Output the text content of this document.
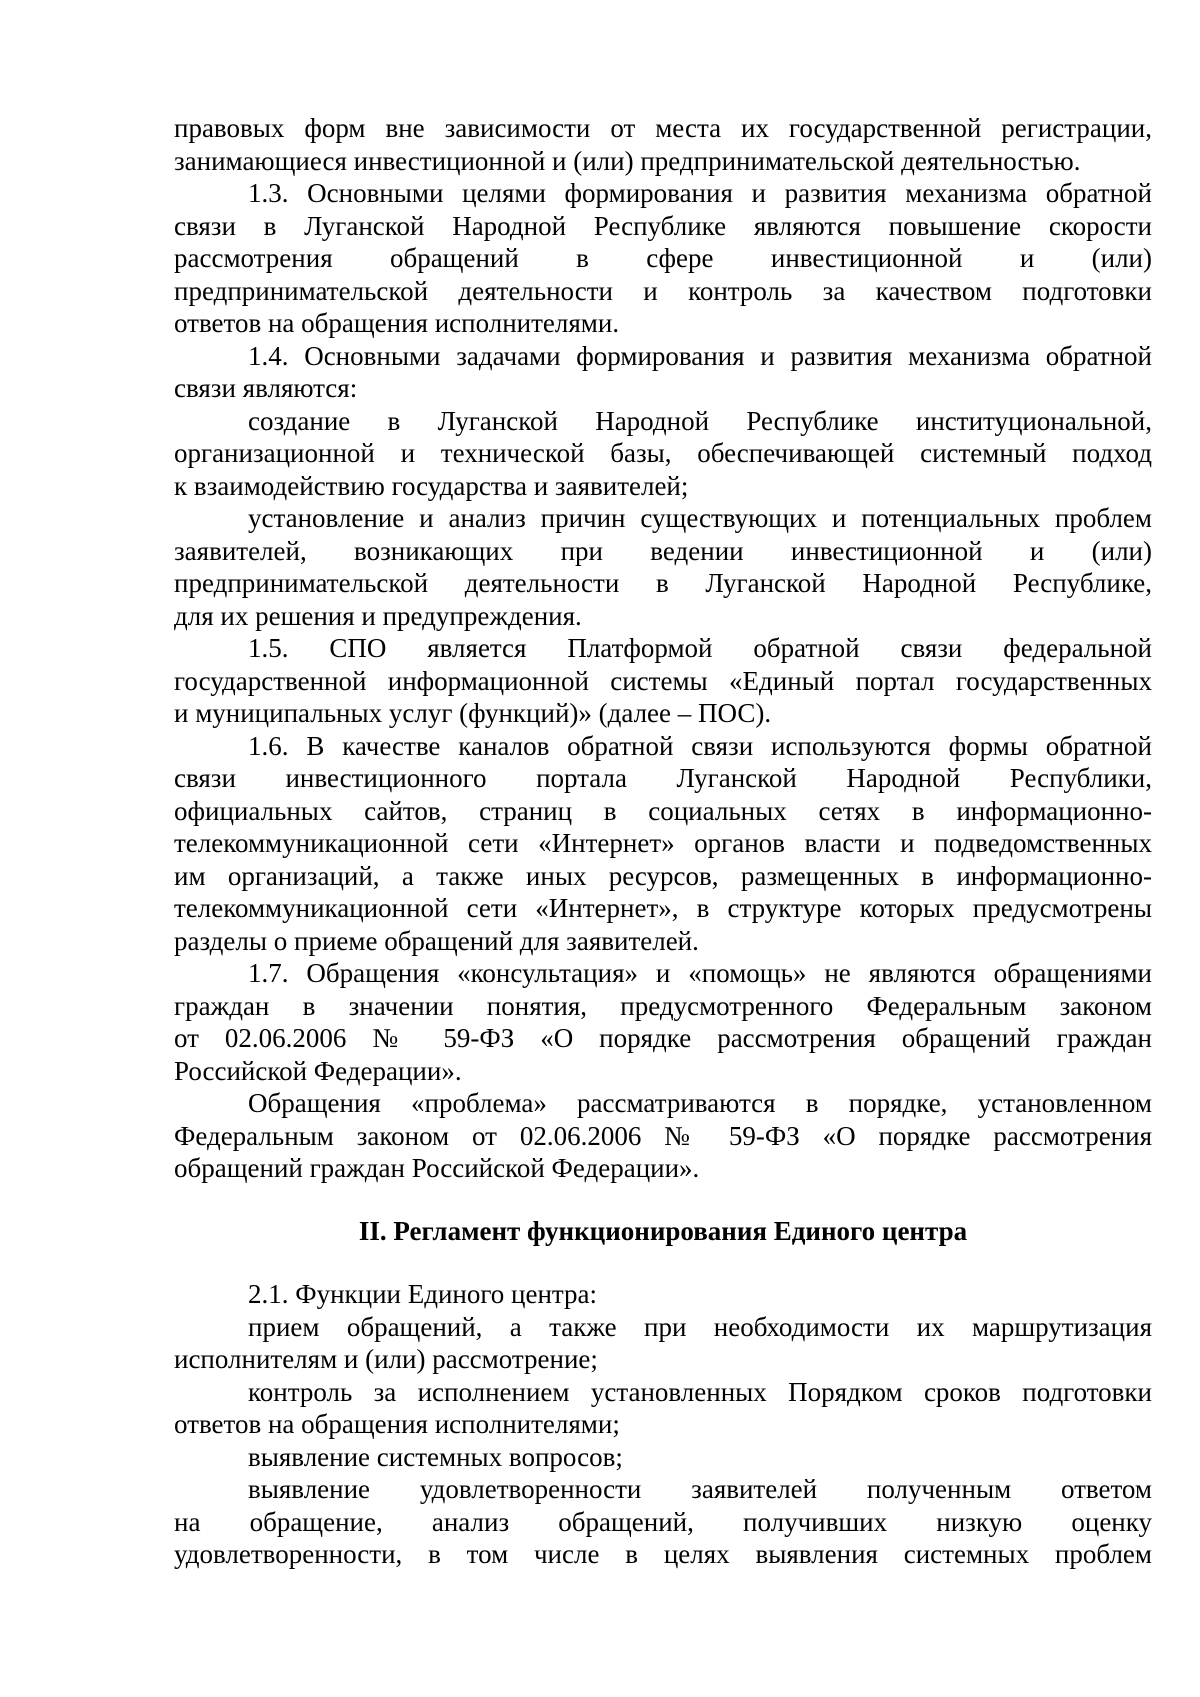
правовых форм вне зависимости от места их государственной регистрации,
занимающиеся инвестиционной и (или) предпринимательской деятельностью.
1.3. Основными целями формирования и развития механизма обратной
связи в Луганской Народной Республике являются повышение скорости
рассмотрения обращений в сфере инвестиционной и (или)
предпринимательской деятельности и контроль за качеством подготовки
ответов на обращения исполнителями.
1.4. Основными задачами формирования и развития механизма обратной
связи являются:
создание в Луганской Народной Республике институциональной,
организационной и технической базы, обеспечивающей системный подход
к взаимодействию государства и заявителей;
установление и анализ причин существующих и потенциальных проблем
заявителей, возникающих при ведении инвестиционной и (или)
предпринимательской деятельности в Луганской Народной Республике,
для их решения и предупреждения.
1.5. СПО является Платформой обратной связи федеральной
государственной информационной системы «Единый портал государственных
и муниципальных услуг (функций)» (далее – ПОС).
1.6. В качестве каналов обратной связи используются формы обратной
связи инвестиционного портала Луганской Народной Республики,
официальных сайтов, страниц в социальных сетях в информационно-
телекоммуникационной сети «Интернет» органов власти и подведомственных
им организаций, а также иных ресурсов, размещенных в информационно-
телекоммуникационной сети «Интернет», в структуре которых предусмотрены
разделы о приеме обращений для заявителей.
1.7. Обращения «консультация» и «помощь» не являются обращениями
граждан в значении понятия, предусмотренного Федеральным законом
от 02.06.2006 № 59-ФЗ «О порядке рассмотрения обращений граждан
Российской Федерации».
Обращения «проблема» рассматриваются в порядке, установленном
Федеральным законом от 02.06.2006 № 59-ФЗ «О порядке рассмотрения
обращений граждан Российской Федерации».
II. Регламент функционирования Единого центра
2.1. Функции Единого центра:
прием обращений, а также при необходимости их маршрутизация
исполнителям и (или) рассмотрение;
контроль за исполнением установленных Порядком сроков подготовки
ответов на обращения исполнителями;
выявление системных вопросов;
выявление удовлетворенности заявителей полученным ответом
на обращение, анализ обращений, получивших низкую оценку
удовлетворенности, в том числе в целях выявления системных проблем
